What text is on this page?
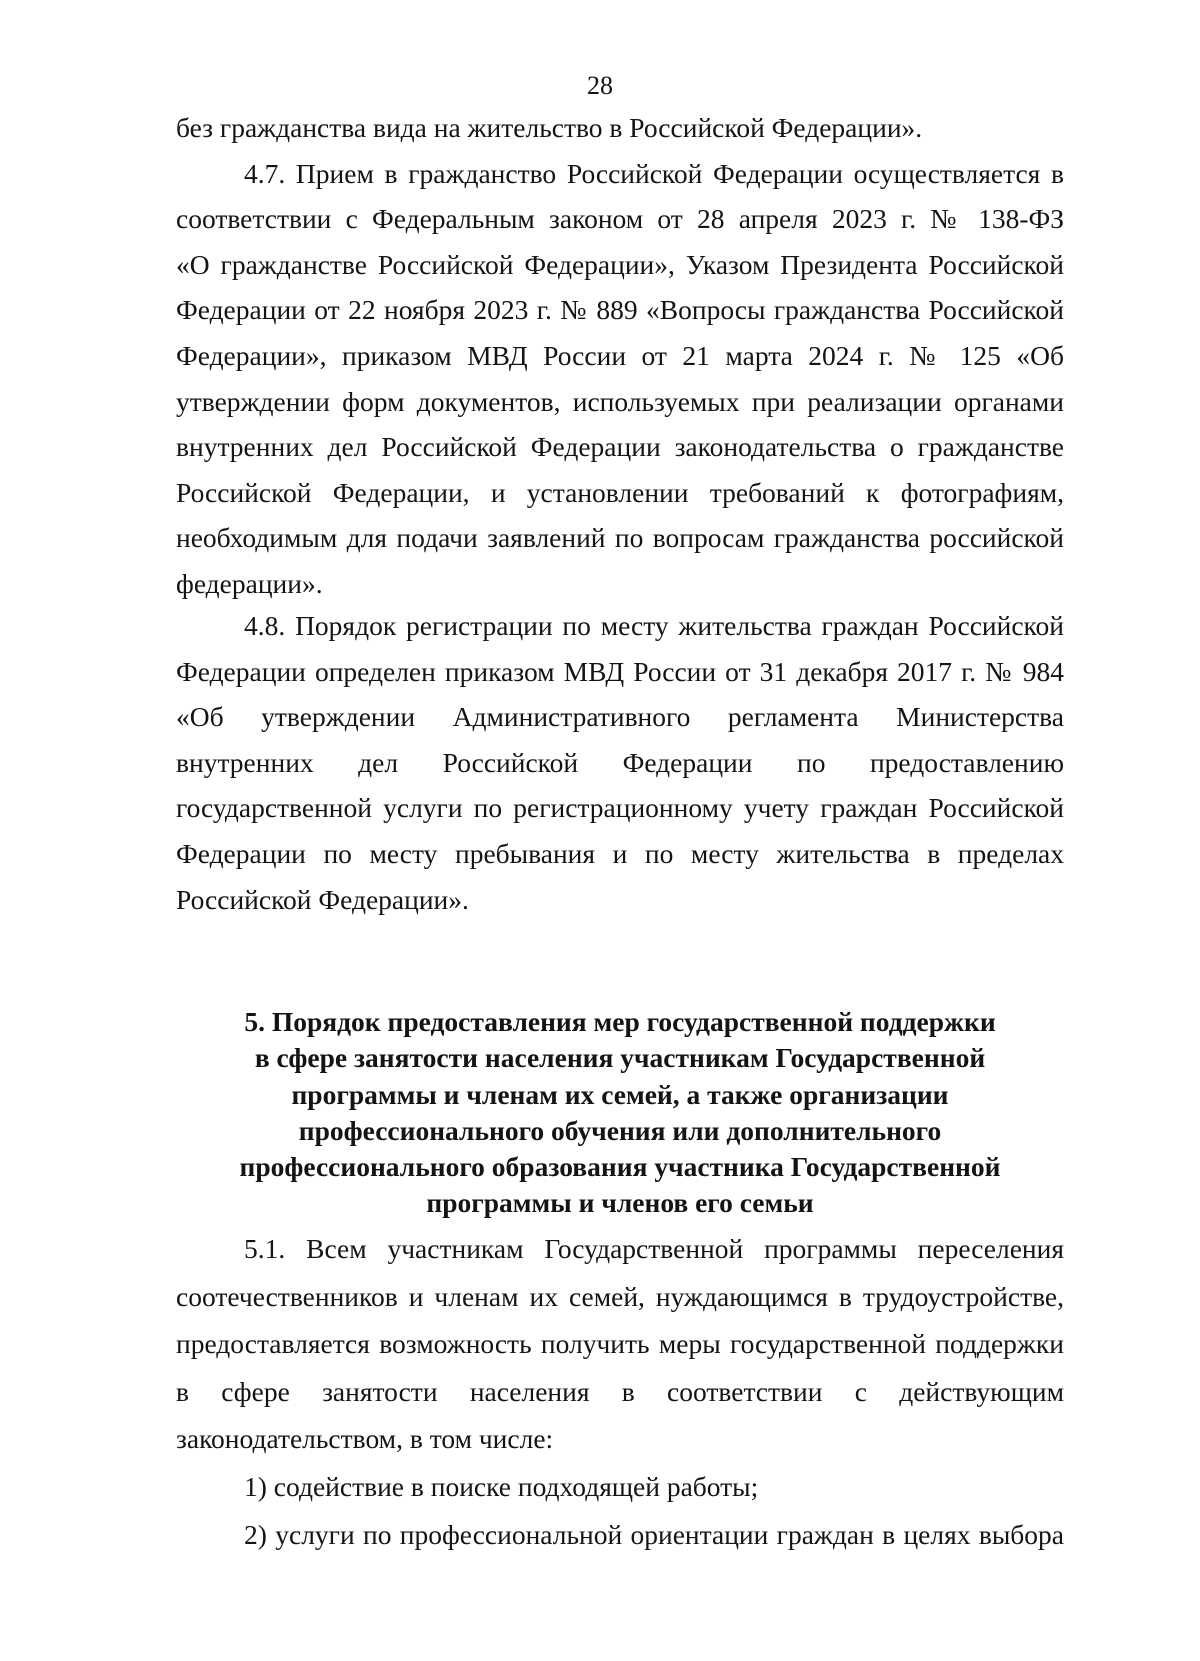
28
без гражданства вида на жительство в Российской Федерации».
4.7. Прием в гражданство Российской Федерации осуществляется в
соответствии с Федеральным законом от 28 апреля 2023 г. № 138-ФЗ
«О гражданстве Российской Федерации», Указом Президента Российской
Федерации от 22 ноября 2023 г. № 889 «Вопросы гражданства Российской
Федерации», приказом МВД России от 21 марта 2024 г. № 125 «Об
утверждении форм документов, используемых при реализации органами
внутренних дел Российской Федерации законодательства о гражданстве
Российской Федерации, и установлении требований к фотографиям,
необходимым для подачи заявлений по вопросам гражданства российской
федерации».
4.8. Порядок регистрации по месту жительства граждан Российской
Федерации определен приказом МВД России от 31 декабря 2017 г. № 984
«Об утверждении Административного регламента Министерства
внутренних дел Российской Федерации по предоставлению
государственной услуги по регистрационному учету граждан Российской
Федерации по месту пребывания и по месту жительства в пределах
Российской Федерации».
5. Порядок предоставления мер государственной поддержки
в сфере занятости населения участникам Государственной
программы и членам их семей, а также организации
профессионального обучения или дополнительного
профессионального образования участника Государственной
программы и членов его семьи
5.1. Всем участникам Государственной программы переселения
соотечественников и членам их семей, нуждающимся в трудоустройстве,
предоставляется возможность получить меры государственной поддержки
в сфере занятости населения в соответствии с действующим
законодательством, в том числе:
1) содействие в поиске подходящей работы;
2) услуги по профессиональной ориентации граждан в целях выбора
